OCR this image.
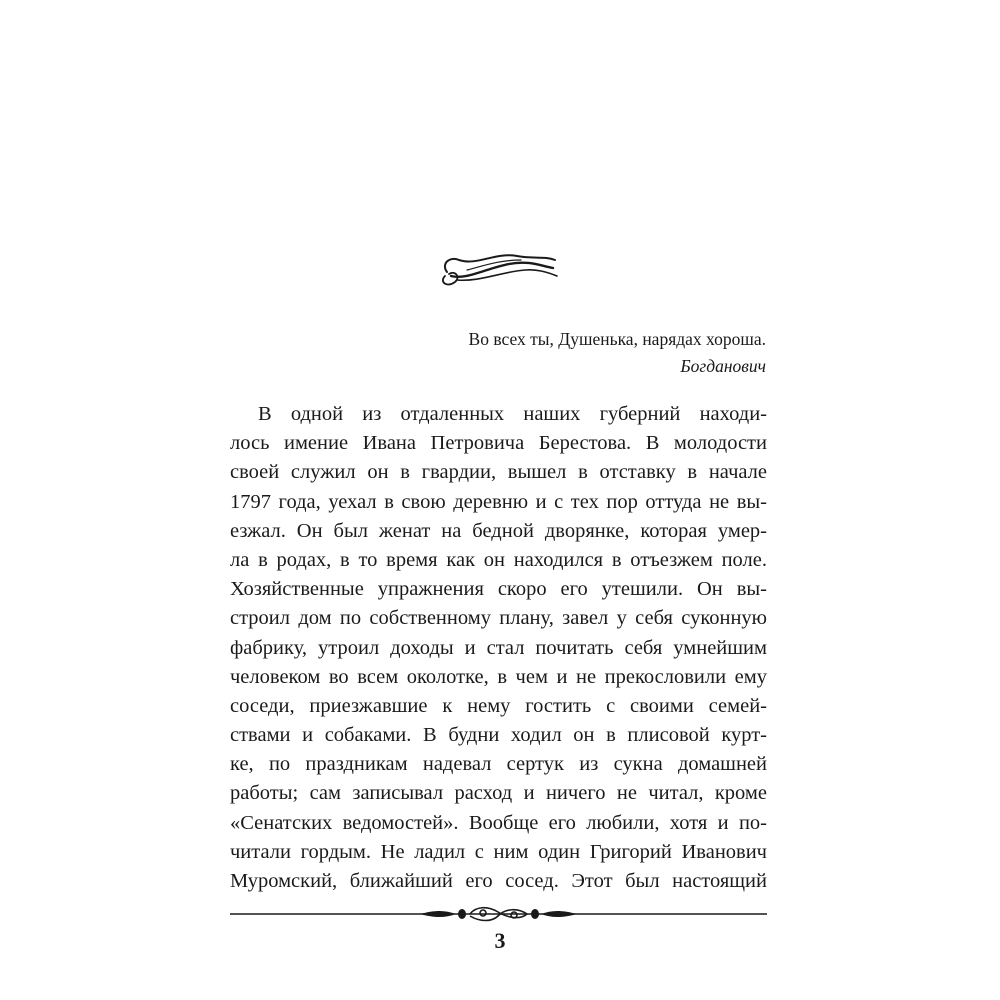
Во всех ты, Душенька, нарядах хороша.
Богданович
В одной из отдаленных наших губерний находи-
лось имение Ивана Петровича Берестова. В молодости
своей служил он в гвардии, вышел в отставку в начале
1797 года, уехал в свою деревню и с тех пор оттуда не вы-
езжал. Он был женат на бедной дворянке, которая умер-
ла в родах, в то время как он находился в отъезжем поле.
Хозяйственные упражнения скоро его утешили. Он вы-
строил дом по собственному плану, завел у себя суконную
фабрику, утроил доходы и стал почитать себя умнейшим
человеком во всем околотке, в чем и не прекословили ему
соседи, приезжавшие к нему гостить с своими семей-
ствами и собаками. В будни ходил он в плисовой курт-
ке, по праздникам надевал сертук из сукна домашней
работы; сам записывал расход и ничего не читал, кроме
«Сенатских ведомостей». Вообще его любили, хотя и по-
читали гордым. Не ладил с ним один Григорий Иванович
Муромский, ближайший его сосед. Этот был настоящий
3
